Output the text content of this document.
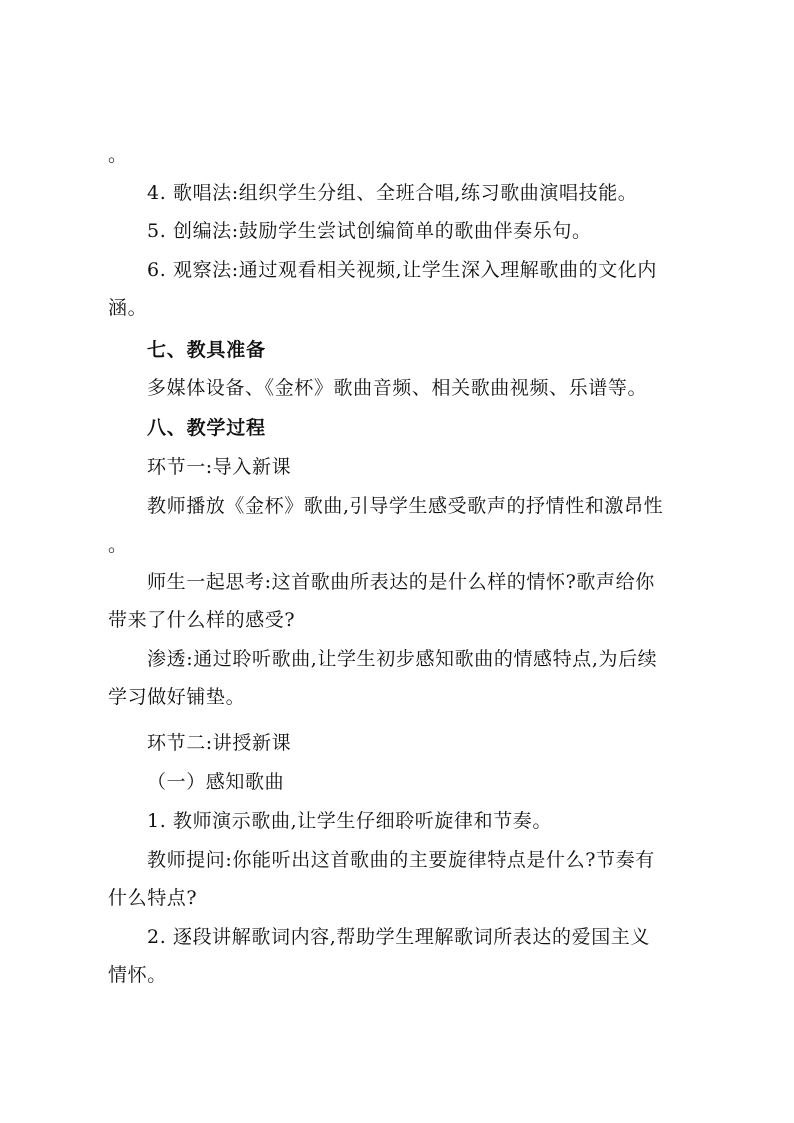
。
4. 歌唱法:组织学生分组、全班合唱,练习歌曲演唱技能。
5. 创编法:鼓励学生尝试创编简单的歌曲伴奏乐句。
6. 观察法:通过观看相关视频,让学生深入理解歌曲的文化内
涵。
七、教具准备
多媒体设备、《金杯》歌曲音频、相关歌曲视频、乐谱等。
八、教学过程
环节一:导入新课
教师播放《金杯》歌曲,引导学生感受歌声的抒情性和激昂性
。
师生一起思考:这首歌曲所表达的是什么样的情怀?歌声给你
带来了什么样的感受?
渗透:通过聆听歌曲,让学生初步感知歌曲的情感特点,为后续
学习做好铺垫。
环节二:讲授新课
（一）感知歌曲
1. 教师演示歌曲,让学生仔细聆听旋律和节奏。
教师提问:你能听出这首歌曲的主要旋律特点是什么?节奏有
什么特点?
2. 逐段讲解歌词内容,帮助学生理解歌词所表达的爱国主义
情怀。
